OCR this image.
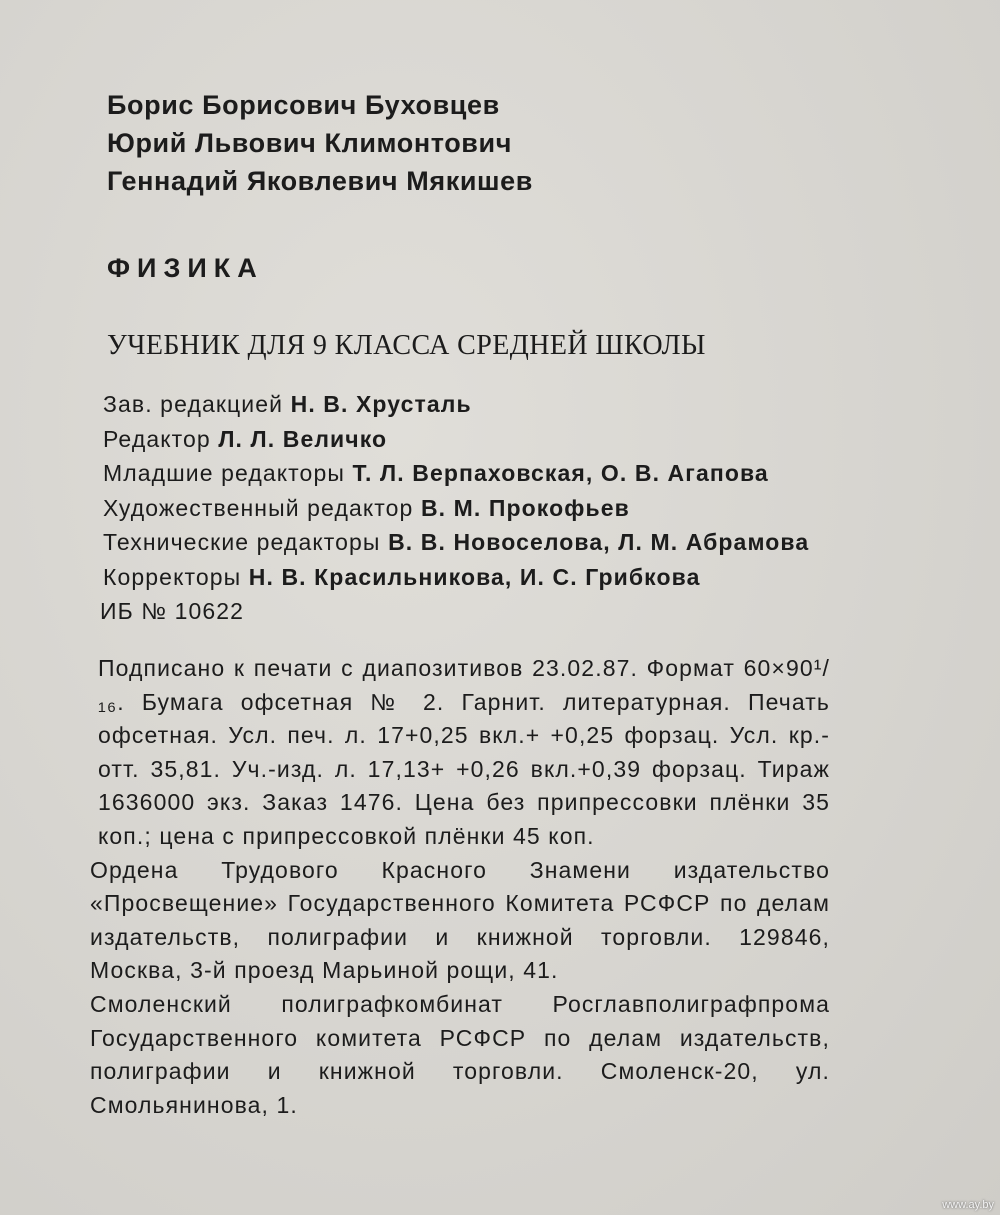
Борис Борисович Буховцев
Юрий Львович Климонтович
Геннадий Яковлевич Мякишев
ФИЗИКА
УЧЕБНИК ДЛЯ 9 КЛАССА СРЕДНЕЙ ШКОЛЫ
Зав. редакцией Н. В. Хрусталь
Редактор Л. Л. Величко
Младшие редакторы Т. Л. Верпаховская, О. В. Агапова
Художественный редактор В. М. Прокофьев
Технические редакторы В. В. Новоселова, Л. М. Абрамова
Корректоры Н. В. Красильникова, И. С. Грибкова
ИБ № 10622
Подписано к печати с диапозитивов 23.02.87. Формат 60×90¹/₁₆. Бумага офсетная № 2. Гарнит. литературная. Печать офсетная. Усл. печ. л. 17+0,25 вкл.+ +0,25 форзац. Усл. кр.-отт. 35,81. Уч.-изд. л. 17,13+ +0,26 вкл.+0,39 форзац. Тираж 1636000 экз. Заказ 1476. Цена без припрессовки плёнки 35 коп.; цена с припрессовкой плёнки 45 коп.
Ордена Трудового Красного Знамени издательство «Просвещение» Государственного Комитета РСФСР по делам издательств, полиграфии и книжной торговли. 129846, Москва, 3-й проезд Марьиной рощи, 41.
Смоленский полиграфкомбинат Росглавполиграфпрома Государственного комитета РСФСР по делам издательств, полиграфии и книжной торговли. Смоленск-20, ул. Смольянинова, 1.
www.ay.by
